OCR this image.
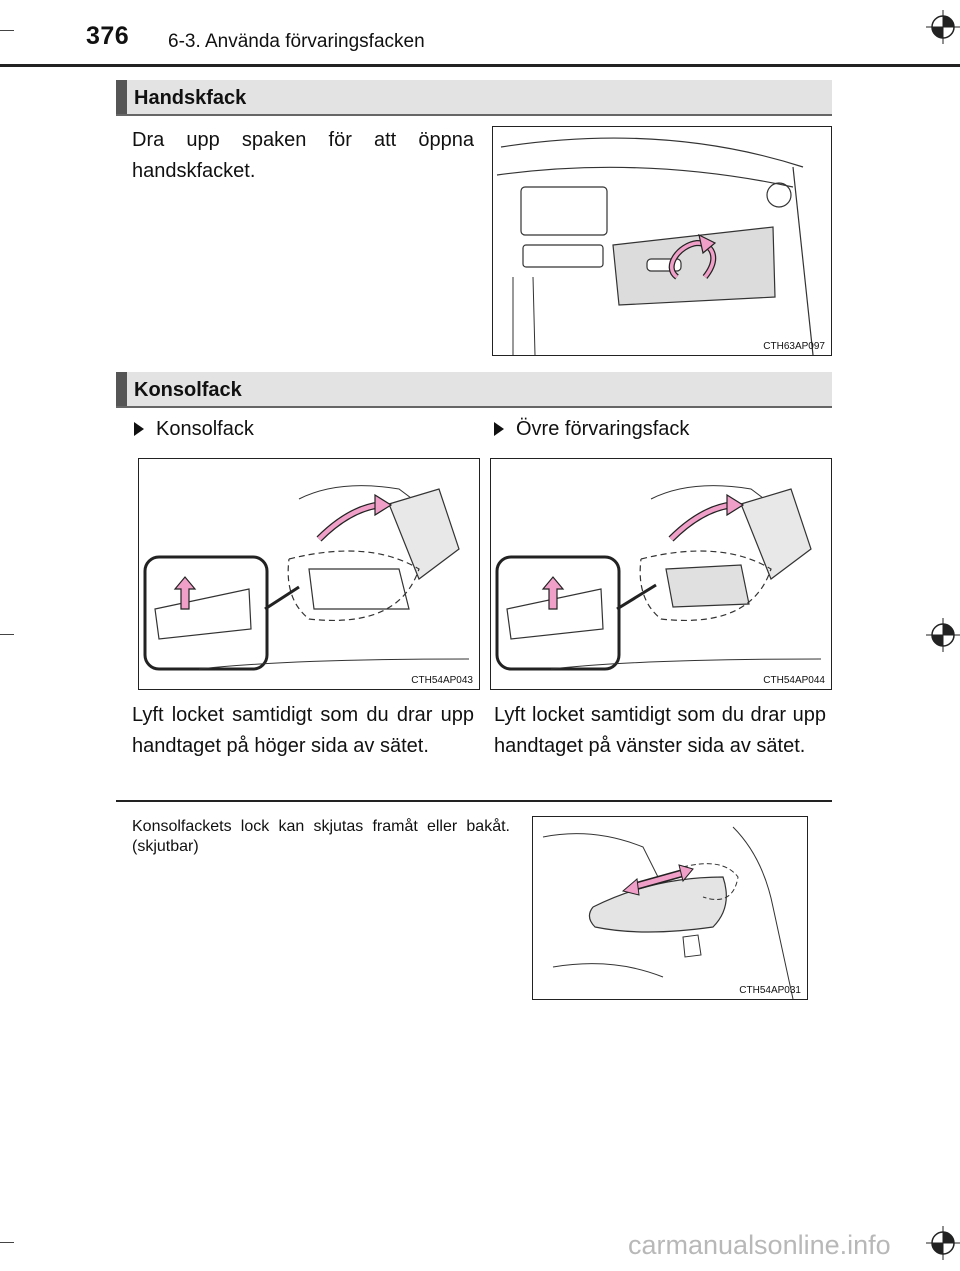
376 6-3. Använda förvaringsfacken
Handskfack
Dra upp spaken för att öppna handskfacket.
CTH63AP097
Konsolfack
Konsolfack	Övre förvaringsfack
CTH54AP043	CTH54AP044
Lyft locket samtidigt som du drar upp handtaget på höger sida av sätet.
Lyft locket samtidigt som du drar upp handtaget på vänster sida av sätet.
Konsolfackets lock kan skjutas framåt eller bakåt. (skjutbar)
CTH54AP031
carmanualsonline.info
